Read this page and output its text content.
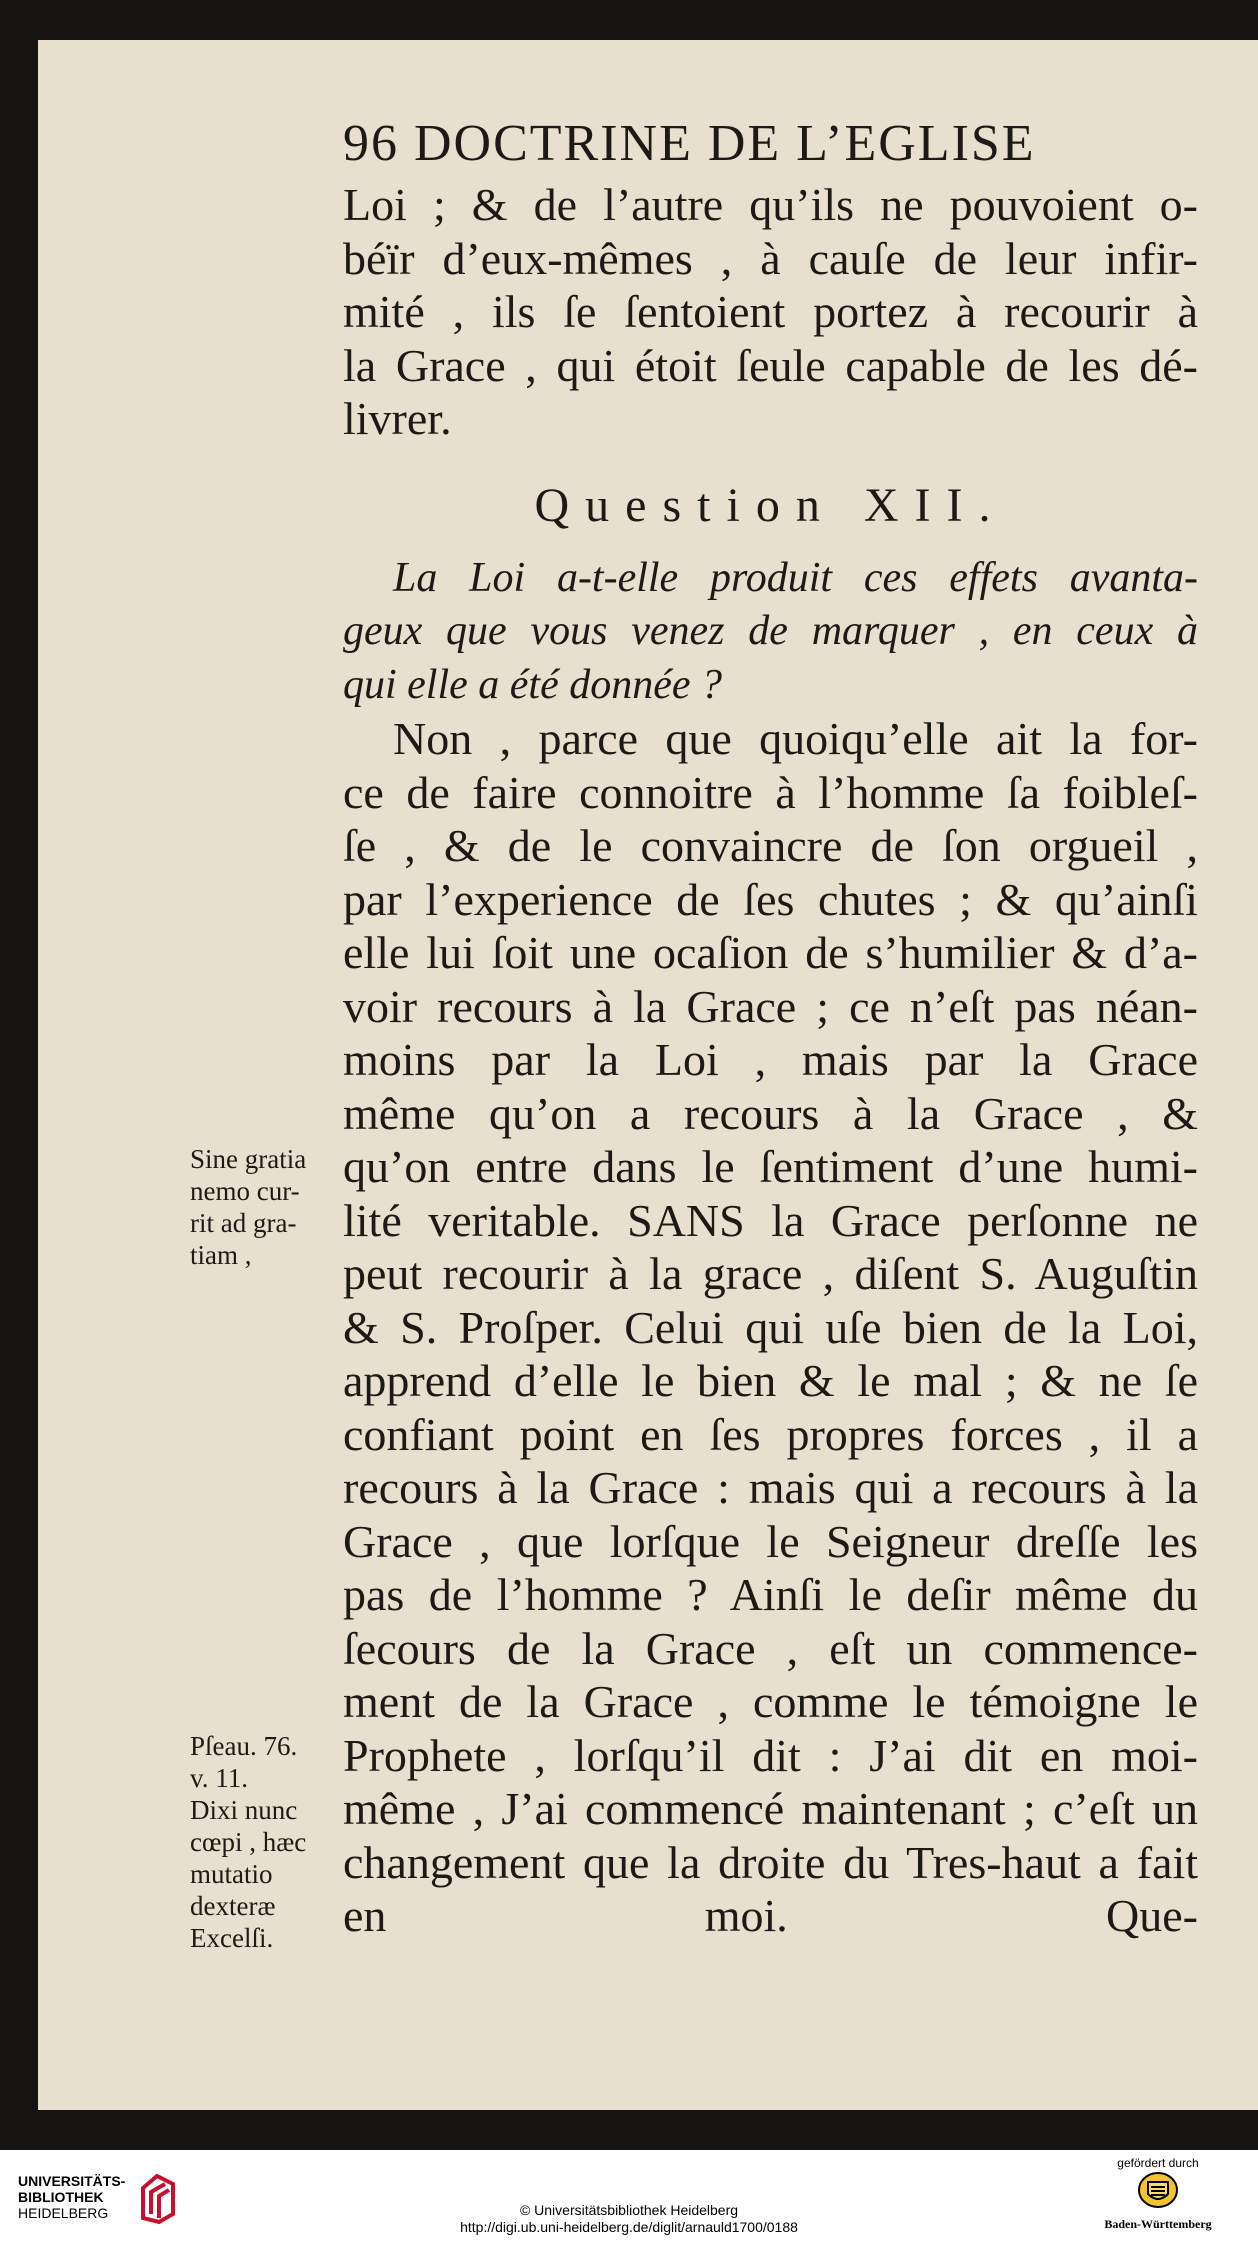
96 DOCTRINE DE L’EGLISE
Loi ; & de l’autre qu’ils ne pouvoient o-
béïr d’eux-mêmes , à cauſe de leur infir-
mité , ils ſe ſentoient portez à recourir à
la Grace , qui étoit ſeule capable de les dé-
livrer.
Question XII.
La Loi a-t-elle produit ces effets avanta-
geux que vous venez de marquer , en ceux à
qui elle a été donnée ?
Non , parce que quoiqu’elle ait la for-
ce de faire connoitre à l’homme ſa foibleſ-
ſe , & de le convaincre de ſon orgueil ,
par l’experience de ſes chutes ; & qu’ainſi
elle lui ſoit une ocaſion de s’humilier & d’a-
voir recours à la Grace ; ce n’eſt pas néan-
moins par la Loi , mais par la Grace
même qu’on a recours à la Grace , &
qu’on entre dans le ſentiment d’une humi-
lité veritable. SANS la Grace perſonne ne
peut recourir à la grace , diſent S. Auguſtin
& S. Proſper. Celui qui uſe bien de la Loi,
apprend d’elle le bien & le mal ; & ne ſe
confiant point en ſes propres forces , il a
recours à la Grace : mais qui a recours à la
Grace , que lorſque le Seigneur dreſſe les
pas de l’homme ? Ainſi le deſir même du
ſecours de la Grace , eſt un commence-
ment de la Grace , comme le témoigne le
Prophete , lorſqu’il dit : J’ai dit en moi-
même , J’ai commencé maintenant ; c’eſt un
changement que la droite du Tres-haut a fait
en moi.	Que-
Sine gratia
nemo cur-
rit ad gra-
tiam ,
Pſeau. 76.
v. 11.
Dixi nunc
cœpi , hæc
mutatio
dexteræ
Excelſi.
UNIVERSITÄTS-
BIBLIOTHEK
HEIDELBERG	© Universitätsbibliothek Heidelberg
http://digi.ub.uni-heidelberg.de/diglit/arnauld1700/0188
gefördert durch
Baden-Württemberg
